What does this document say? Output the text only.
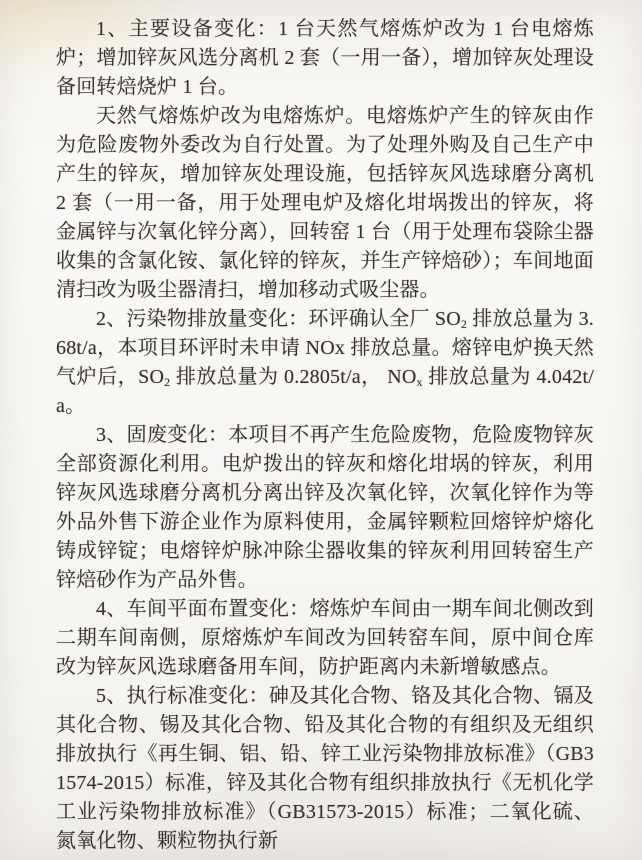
1、主要设备变化：1 台天然气熔炼炉改为 1 台电熔炼炉；增加锌灰风选分离机 2 套（一用一备），增加锌灰处理设备回转焙烧炉 1 台。

天然气熔炼炉改为电熔炼炉。电熔炼炉产生的锌灰由作为危险废物外委改为自行处置。为了处理外购及自己生产中产生的锌灰，增加锌灰处理设施，包括锌灰风选球磨分离机 2 套（一用一备，用于处理电炉及熔化坩埚拨出的锌灰，将金属锌与次氧化锌分离），回转窑 1 台（用于处理布袋除尘器收集的含氯化铵、氯化锌的锌灰，并生产锌焙砂）；车间地面清扫改为吸尘器清扫，增加移动式吸尘器。

2、污染物排放量变化：环评确认全厂 $SO_2$ 排放总量为 3.68t/a，本项目环评时未申请 NOx 排放总量。熔锌电炉换天然气炉后，$SO_2$ 排放总量为 0.2805t/a， $NO_x$ 排放总量为 4.042t/a。

3、固废变化：本项目不再产生危险废物，危险废物锌灰全部资源化利用。电炉拨出的锌灰和熔化坩埚的锌灰，利用锌灰风选球磨分离机分离出锌及次氧化锌，次氧化锌作为等外品外售下游企业作为原料使用，金属锌颗粒回熔锌炉熔化铸成锌锭；电熔锌炉脉冲除尘器收集的锌灰利用回转窑生产锌焙砂作为产品外售。

4、车间平面布置变化：熔炼炉车间由一期车间北侧改到二期车间南侧，原熔炼炉车间改为回转窑车间，原中间仓库改为锌灰风选球磨备用车间，防护距离内未新增敏感点。

5、执行标准变化：砷及其化合物、铬及其化合物、镉及其化合物、锡及其化合物、铅及其化合物的有组织及无组织排放执行《再生铜、铝、铅、锌工业污染物排放标准》（GB31574-2015）标准，锌及其化合物有组织排放执行《无机化学工业污染物排放标准》（GB31573-2015）标准；二氧化硫、氮氧化物、颗粒物执行新
